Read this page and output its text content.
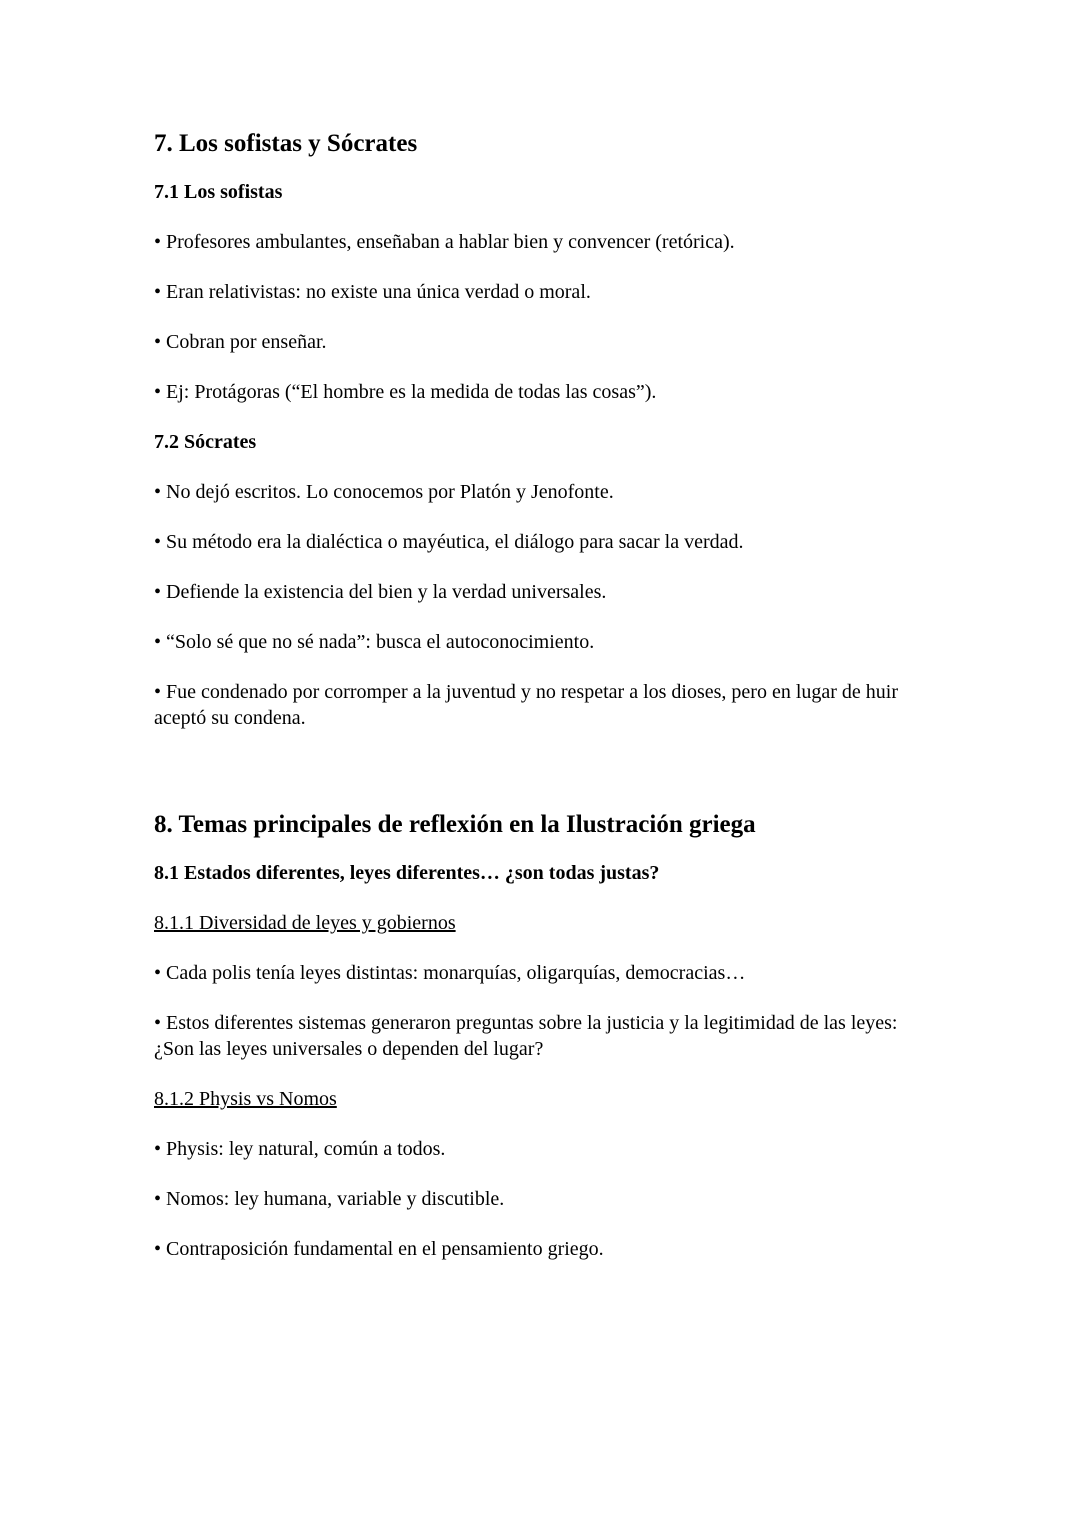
7. Los sofistas y Sócrates
7.1 Los sofistas
• Profesores ambulantes, enseñaban a hablar bien y convencer (retórica).
• Eran relativistas: no existe una única verdad o moral.
• Cobran por enseñar.
• Ej: Protágoras (“El hombre es la medida de todas las cosas”).
7.2 Sócrates
• No dejó escritos. Lo conocemos por Platón y Jenofonte.
• Su método era la dialéctica o mayéutica, el diálogo para sacar la verdad.
• Defiende la existencia del bien y la verdad universales.
• “Solo sé que no sé nada”: busca el autoconocimiento.
• Fue condenado por corromper a la juventud y no respetar a los dioses, pero en lugar de huir aceptó su condena.
8. Temas principales de reflexión en la Ilustración griega
8.1 Estados diferentes, leyes diferentes… ¿son todas justas?
8.1.1 Diversidad de leyes y gobiernos
• Cada polis tenía leyes distintas: monarquías, oligarquías, democracias…
• Estos diferentes sistemas generaron preguntas sobre la justicia y la legitimidad de las leyes: ¿Son las leyes universales o dependen del lugar?
8.1.2 Physis vs Nomos
• Physis: ley natural, común a todos.
• Nomos: ley humana, variable y discutible.
• Contraposición fundamental en el pensamiento griego.
